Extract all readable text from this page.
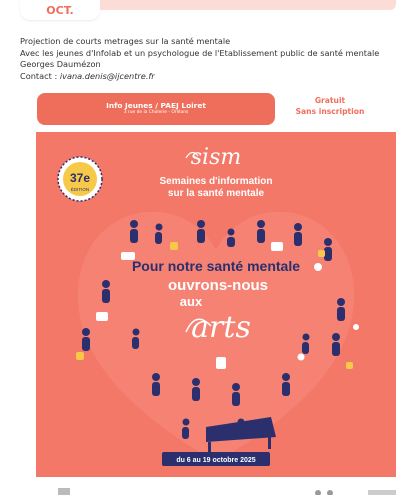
OCT.

Projection de courts metrages sur la santé mentale

Avec les jeunes d'Infolab et un psychologue de l'Etablissement public de santé mentale Georges Daumézon

Contact : ivana.denis@ijcentre.fr

Info Jeunes / PAEJ Loiret
3 rue de la Cholerie - Orléans
Gratuit
Sans inscription
37e
ÉDITION
sism
Semaines d'information
sur la santé mentale
Pour notre santé mentale
ouvrons-nous
aux
arts
du 6 au 19 octobre 2025
